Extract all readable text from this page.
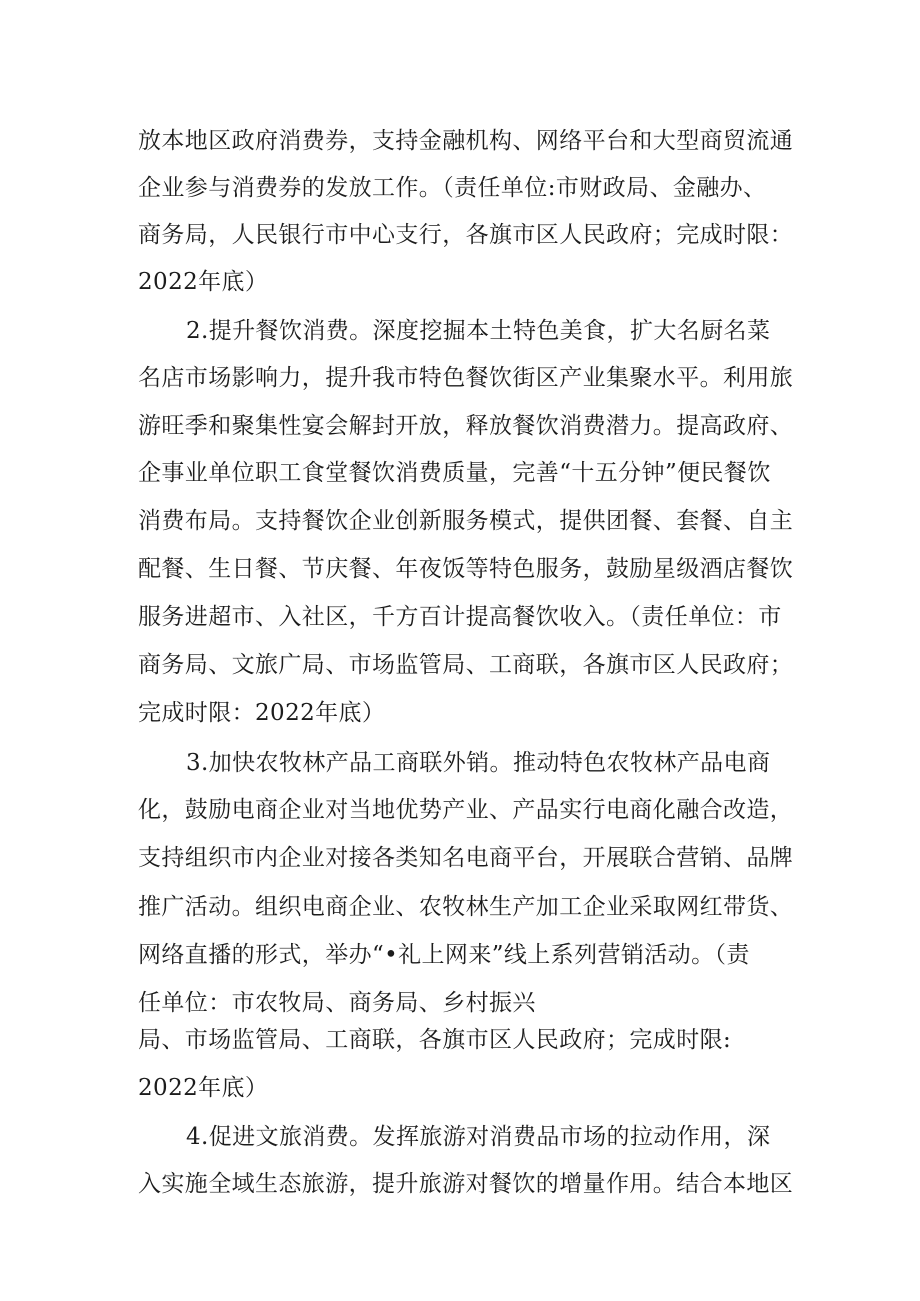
放本地区政府消费券，支持金融机构、网络平台和大型商贸流通

企业参与消费券的发放工作。（责任单位:市财政局、金融办、

商务局，人民银行市中心支行，各旗市区人民政府；完成时限：

2022年底）

2.提升餐饮消费。深度挖掘本土特色美食，扩大名厨名菜

名店市场影响力，提升我市特色餐饮街区产业集聚水平。利用旅

游旺季和聚集性宴会解封开放，释放餐饮消费潜力。提高政府、

企事业单位职工食堂餐饮消费质量，完善“十五分钟”便民餐饮

消费布局。支持餐饮企业创新服务模式，提供团餐、套餐、自主

配餐、生日餐、节庆餐、年夜饭等特色服务，鼓励星级酒店餐饮

服务进超市、入社区，千方百计提高餐饮收入。（责任单位：市

商务局、文旅广局、市场监管局、工商联，各旗市区人民政府；

完成时限：2022年底）

3.加快农牧林产品工商联外销。推动特色农牧林产品电商

化，鼓励电商企业对当地优势产业、产品实行电商化融合改造，

支持组织市内企业对接各类知名电商平台，开展联合营销、品牌

推广活动。组织电商企业、农牧林生产加工企业采取网红带货、

网络直播的形式，举办“•礼上网来”线上系列营销活动。（责

任单位：市农牧局、商务局、乡村振兴

局、市场监管局、工商联，各旗市区人民政府；完成时限:

2022年底）

4.促进文旅消费。发挥旅游对消费品市场的拉动作用，深

入实施全域生态旅游，提升旅游对餐饮的增量作用。结合本地区
